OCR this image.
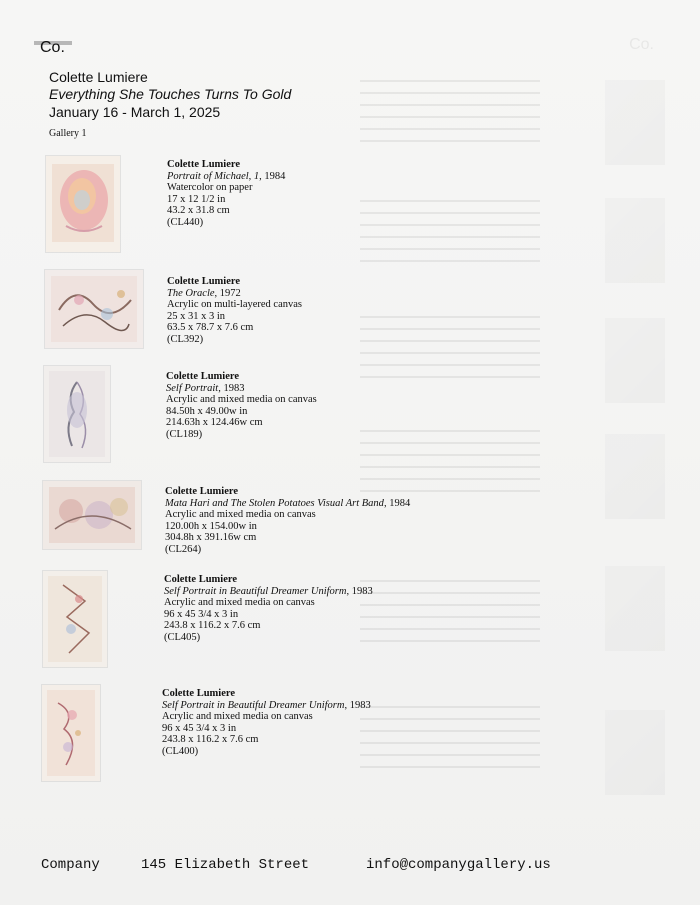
Co.
Co.
Colette Lumiere
Everything She Touches Turns To Gold
January 16 - March 1, 2025
Gallery 1
Colette Lumiere
Portrait of Michael, 1, 1984
Watercolor on paper
17 x 12 1/2 in
43.2 x 31.8 cm
(CL440)
Colette Lumiere
The Oracle, 1972
Acrylic on multi-layered canvas
25 x 31 x 3 in
63.5 x 78.7 x 7.6 cm
(CL392)
Colette Lumiere
Self Portrait, 1983
Acrylic and mixed media on canvas
84.50h x 49.00w in
214.63h x 124.46w cm
(CL189)
Colette Lumiere
Mata Hari and The Stolen Potatoes Visual Art Band, 1984
Acrylic and mixed media on canvas
120.00h x 154.00w in
304.8h x 391.16w cm
(CL264)
Colette Lumiere
Self Portrait in Beautiful Dreamer Uniform, 1983
Acrylic and mixed media on canvas
96 x 45 3/4 x 3 in
243.8 x 116.2 x 7.6 cm
(CL405)
Colette Lumiere
Self Portrait in Beautiful Dreamer Uniform, 1983
Acrylic and mixed media on canvas
96 x 45 3/4 x 3 in
243.8 x 116.2 x 7.6 cm
(CL400)
Company	145 Elizabeth Street	info@companygallery.us
